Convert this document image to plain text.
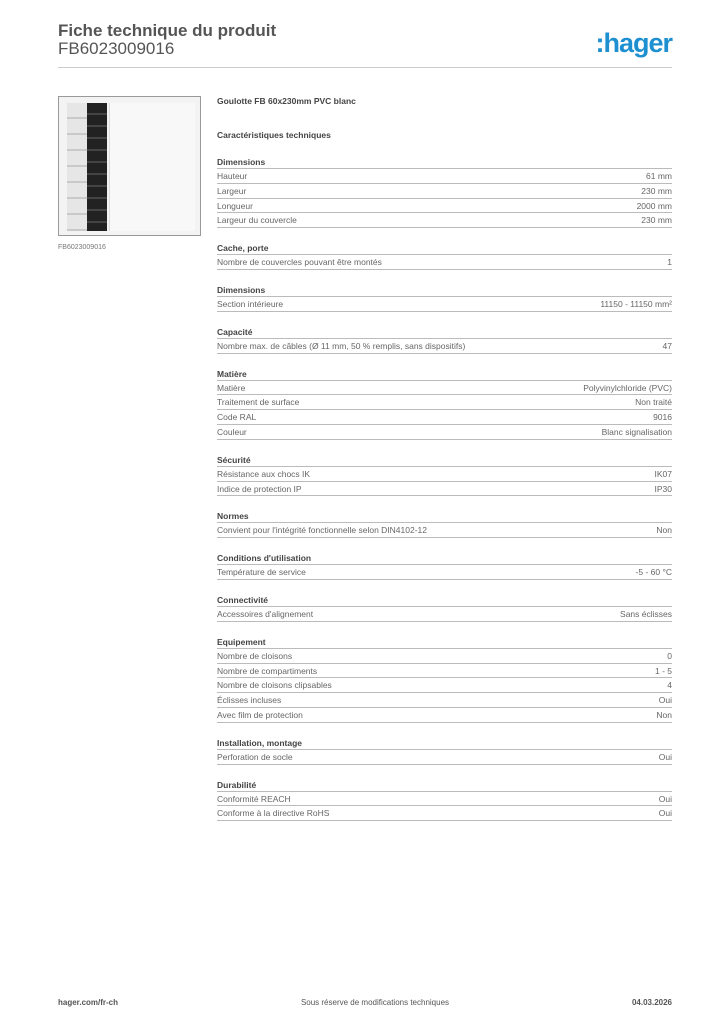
Fiche technique du produit
FB6023009016	:hager
FB6023009016
Goulotte FB 60x230mm PVC blanc
Caractéristiques techniques
Dimensions
Hauteur	61 mm
Largeur	230 mm
Longueur	2000 mm
Largeur du couvercle	230 mm
Cache, porte
Nombre de couvercles pouvant être montés	1
Dimensions
Section intérieure	11150 - 11150 mm²
Capacité
Nombre max. de câbles (Ø 11 mm, 50 % remplis, sans dispositifs)	47
Matière
Matière	Polyvinylchloride (PVC)
Traitement de surface	Non traité
Code RAL	9016
Couleur	Blanc signalisation
Sécurité
Résistance aux chocs IK	IK07
Indice de protection IP	IP30
Normes
Convient pour l'intégrité fonctionnelle selon DIN4102-12	Non
Conditions d'utilisation
Température de service	-5 - 60 °C
Connectivité
Accessoires d'alignement	Sans éclisses
Equipement
Nombre de cloisons	0
Nombre de compartiments	1 - 5
Nombre de cloisons clipsables	4
Éclisses incluses	Oui
Avec film de protection	Non
Installation, montage
Perforation de socle	Oui
Durabilité
Conformité REACH	Oui
Conforme à la directive RoHS	Oui
hager.com/fr-ch	Sous réserve de modifications techniques	04.03.2026
